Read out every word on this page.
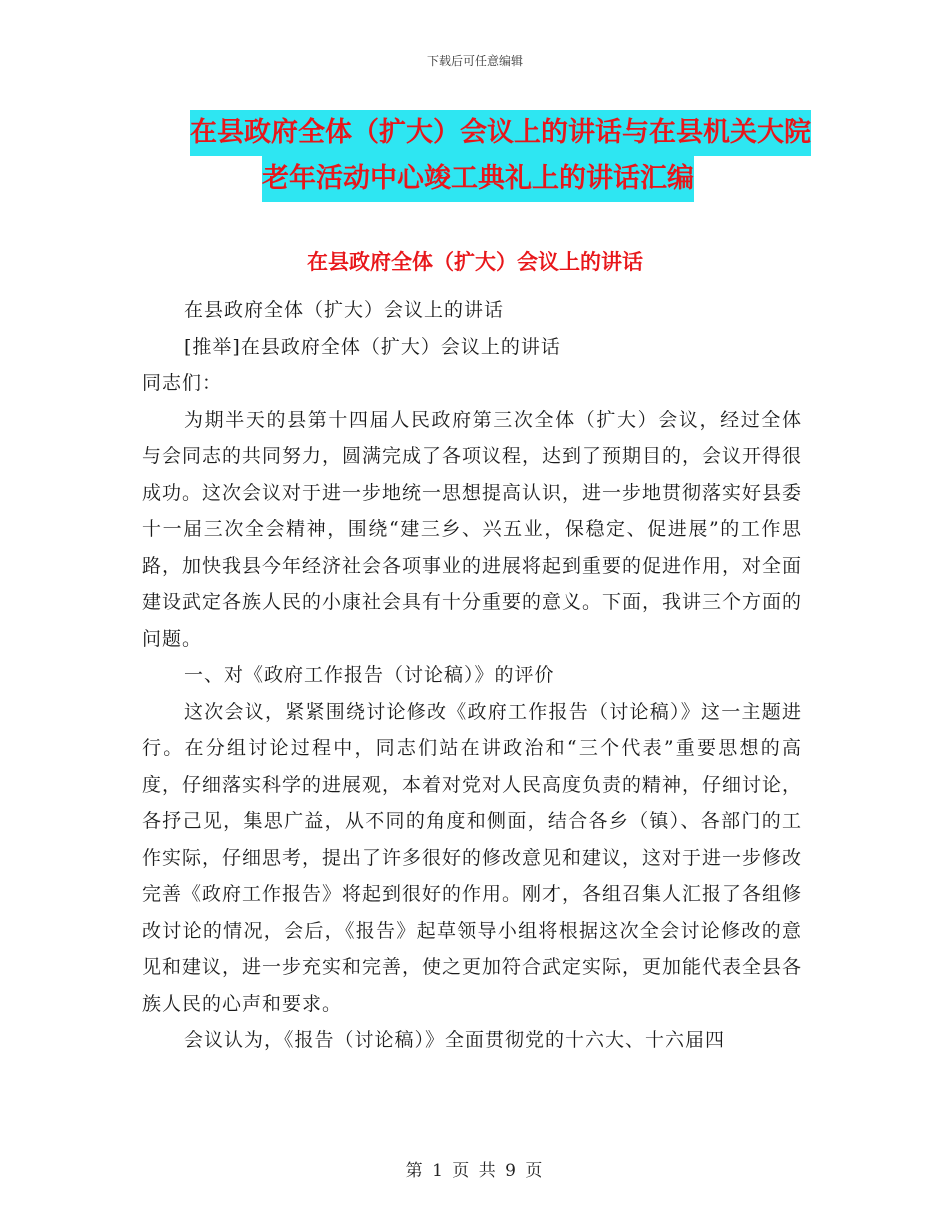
下载后可任意编辑
在县政府全体（扩大）会议上的讲话与在县机关大院
老年活动中心竣工典礼上的讲话汇编
在县政府全体（扩大）会议上的讲话

在县政府全体（扩大）会议上的讲话

[推举]在县政府全体（扩大）会议上的讲话

同志们：

为期半天的县第十四届人民政府第三次全体（扩大）会议，经过全体与会同志的共同努力，圆满完成了各项议程，达到了预期目的，会议开得很成功。这次会议对于进一步地统一思想提高认识，进一步地贯彻落实好县委十一届三次全会精神，围绕“建三乡、兴五业，保稳定、促进展”的工作思路，加快我县今年经济社会各项事业的进展将起到重要的促进作用，对全面建设武定各族人民的小康社会具有十分重要的意义。下面，我讲三个方面的问题。

一、对《政府工作报告（讨论稿）》的评价

这次会议，紧紧围绕讨论修改《政府工作报告（讨论稿）》这一主题进行。在分组讨论过程中，同志们站在讲政治和“三个代表”重要思想的高度，仔细落实科学的进展观，本着对党对人民高度负责的精神，仔细讨论，各抒己见，集思广益，从不同的角度和侧面，结合各乡（镇）、各部门的工作实际，仔细思考，提出了许多很好的修改意见和建议，这对于进一步修改完善《政府工作报告》将起到很好的作用。刚才，各组召集人汇报了各组修改讨论的情况，会后，《报告》起草领导小组将根据这次全会讨论修改的意见和建议，进一步充实和完善，使之更加符合武定实际，更加能代表全县各族人民的心声和要求。

会议认为，《报告（讨论稿）》全面贯彻党的十六大、十六届四

第 1 页 共 9 页
